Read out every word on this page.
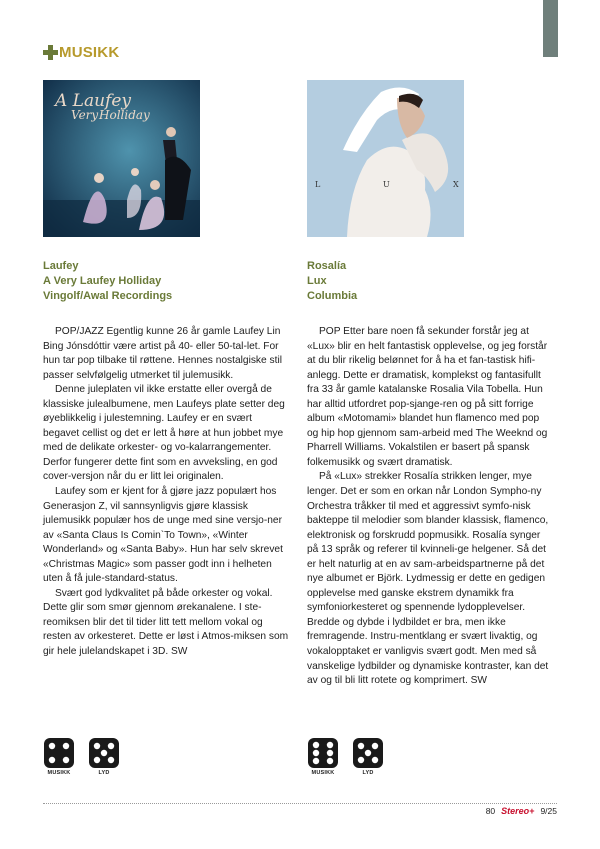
MUSIKK
A Laufey
Very Holliday
Laufey
A Very Laufey Holliday
Vingolf/Awal Recordings

POP/JAZZ Egentlig kunne 26 år gamle Laufey Lin Bing Jónsdóttir være artist på 40- eller 50-tal-let. For hun tar pop tilbake til røttene. Hennes nostalgiske stil passer selvfølgelig utmerket til julemusikk.

Denne juleplaten vil ikke erstatte eller overgå de klassiske julealbumene, men Laufeys plate setter deg øyeblikkelig i julestemning. Laufey er en svært begavet cellist og det er lett å høre at hun jobbet mye med de delikate orkester- og vo-kalarrangementer. Derfor fungerer dette fint som en avveksling, en god cover-versjon når du er litt lei originalen.

Laufey som er kjent for å gjøre jazz populært hos Generasjon Z, vil sannsynligvis gjøre klassisk julemusikk populær hos de unge med sine versjo-ner av «Santa Claus Is Comin`To Town», «Winter Wonderland» og «Santa Baby». Hun har selv skrevet «Christmas Magic» som passer godt inn i helheten uten å få jule-standard-status.

Svært god lydkvalitet på både orkester og vokal. Dette glir som smør gjennom ørekanalene. I ste-reomiksen blir det til tider litt tett mellom vokal og resten av orkesteret. Dette er løst i Atmos-miksen som gir hele julelandskapet i 3D. SW

L	U	X
Rosalía
Lux
Columbia

POP Etter bare noen få sekunder forstår jeg at «Lux» blir en helt fantastisk opplevelse, og jeg forstår at du blir rikelig belønnet for å ha et fan-tastisk hifi-anlegg. Dette er dramatisk, komplekst og fantasifullt fra 33 år gamle katalanske Rosalia Vila Tobella. Hun har alltid utfordret pop-sjange-ren og på sitt forrige album «Motomami» blandet hun flamenco med pop og hip hop gjennom sam-arbeid med The Weeknd og Pharrell Williams. Vokalstilen er basert på spansk folkemusikk og svært dramatisk.

På «Lux» strekker Rosalía strikken lenger, mye lenger. Det er som en orkan når London Sympho-ny Orchestra tråkker til med et aggressivt symfo-nisk bakteppe til melodier som blander klassisk, flamenco, elektronisk og forskrudd popmusikk. Rosalía synger på 13 språk og referer til kvinneli-ge helgener. Så det er helt naturlig at en av sam-arbeidspartnerne på det nye albumet er Björk. Lydmessig er dette en gedigen opplevelse med ganske ekstrem dynamikk fra symfoniorkesteret og spennende lydopplevelser. Bredde og dybde i lydbildet er bra, men ikke fremragende. Instru-mentklang er svært livaktig, og vokalopptaket er vanligvis svært godt. Men med så vanskelige lydbilder og dynamiske kontraster, kan det av og til bli litt rotete og komprimert. SW

MUSIKK	LYD	MUSIKK	LYD
80 Stereo+ 9/25
